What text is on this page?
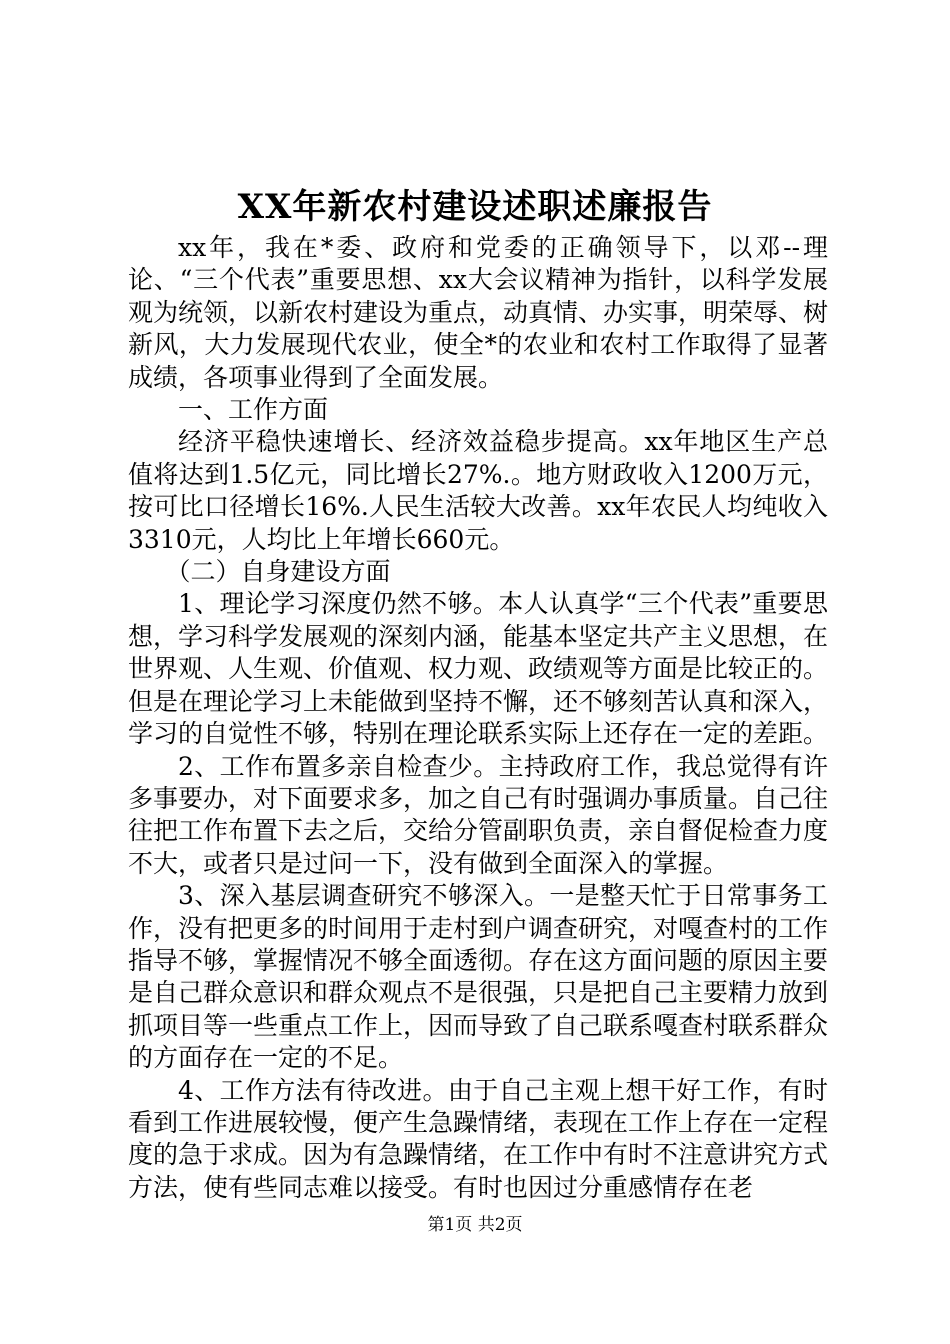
XX年新农村建设述职述廉报告

xx年，我在*委、政府和党委的正确领导下，以邓--理论、“三个代表”重要思想、xx大会议精神为指针，以科学发展观为统领，以新农村建设为重点，动真情、办实事，明荣辱、树新风，大力发展现代农业，使全*的农业和农村工作取得了显著成绩，各项事业得到了全面发展。

一、工作方面

经济平稳快速增长、经济效益稳步提高。xx年地区生产总值将达到1.5亿元，同比增长27%.。地方财政收入1200万元，按可比口径增长16%.人民生活较大改善。xx年农民人均纯收入3310元，人均比上年增长660元。

（二）自身建设方面

1、理论学习深度仍然不够。本人认真学“三个代表”重要思想，学习科学发展观的深刻内涵，能基本坚定共产主义思想，在世界观、人生观、价值观、权力观、政绩观等方面是比较正的。但是在理论学习上未能做到坚持不懈，还不够刻苦认真和深入，学习的自觉性不够，特别在理论联系实际上还存在一定的差距。

2、工作布置多亲自检查少。主持政府工作，我总觉得有许多事要办，对下面要求多，加之自己有时强调办事质量。自己往往把工作布置下去之后，交给分管副职负责，亲自督促检查力度不大，或者只是过问一下，没有做到全面深入的掌握。

3、深入基层调查研究不够深入。一是整天忙于日常事务工作，没有把更多的时间用于走村到户调查研究，对嘎查村的工作指导不够，掌握情况不够全面透彻。存在这方面问题的原因主要是自己群众意识和群众观点不是很强，只是把自己主要精力放到抓项目等一些重点工作上，因而导致了自己联系嘎查村联系群众的方面存在一定的不足。

4、工作方法有待改进。由于自己主观上想干好工作，有时看到工作进展较慢，便产生急躁情绪，表现在工作上存在一定程度的急于求成。因为有急躁情绪，在工作中有时不注意讲究方式方法，使有些同志难以接受。有时也因过分重感情存在老

第1页 共2页
